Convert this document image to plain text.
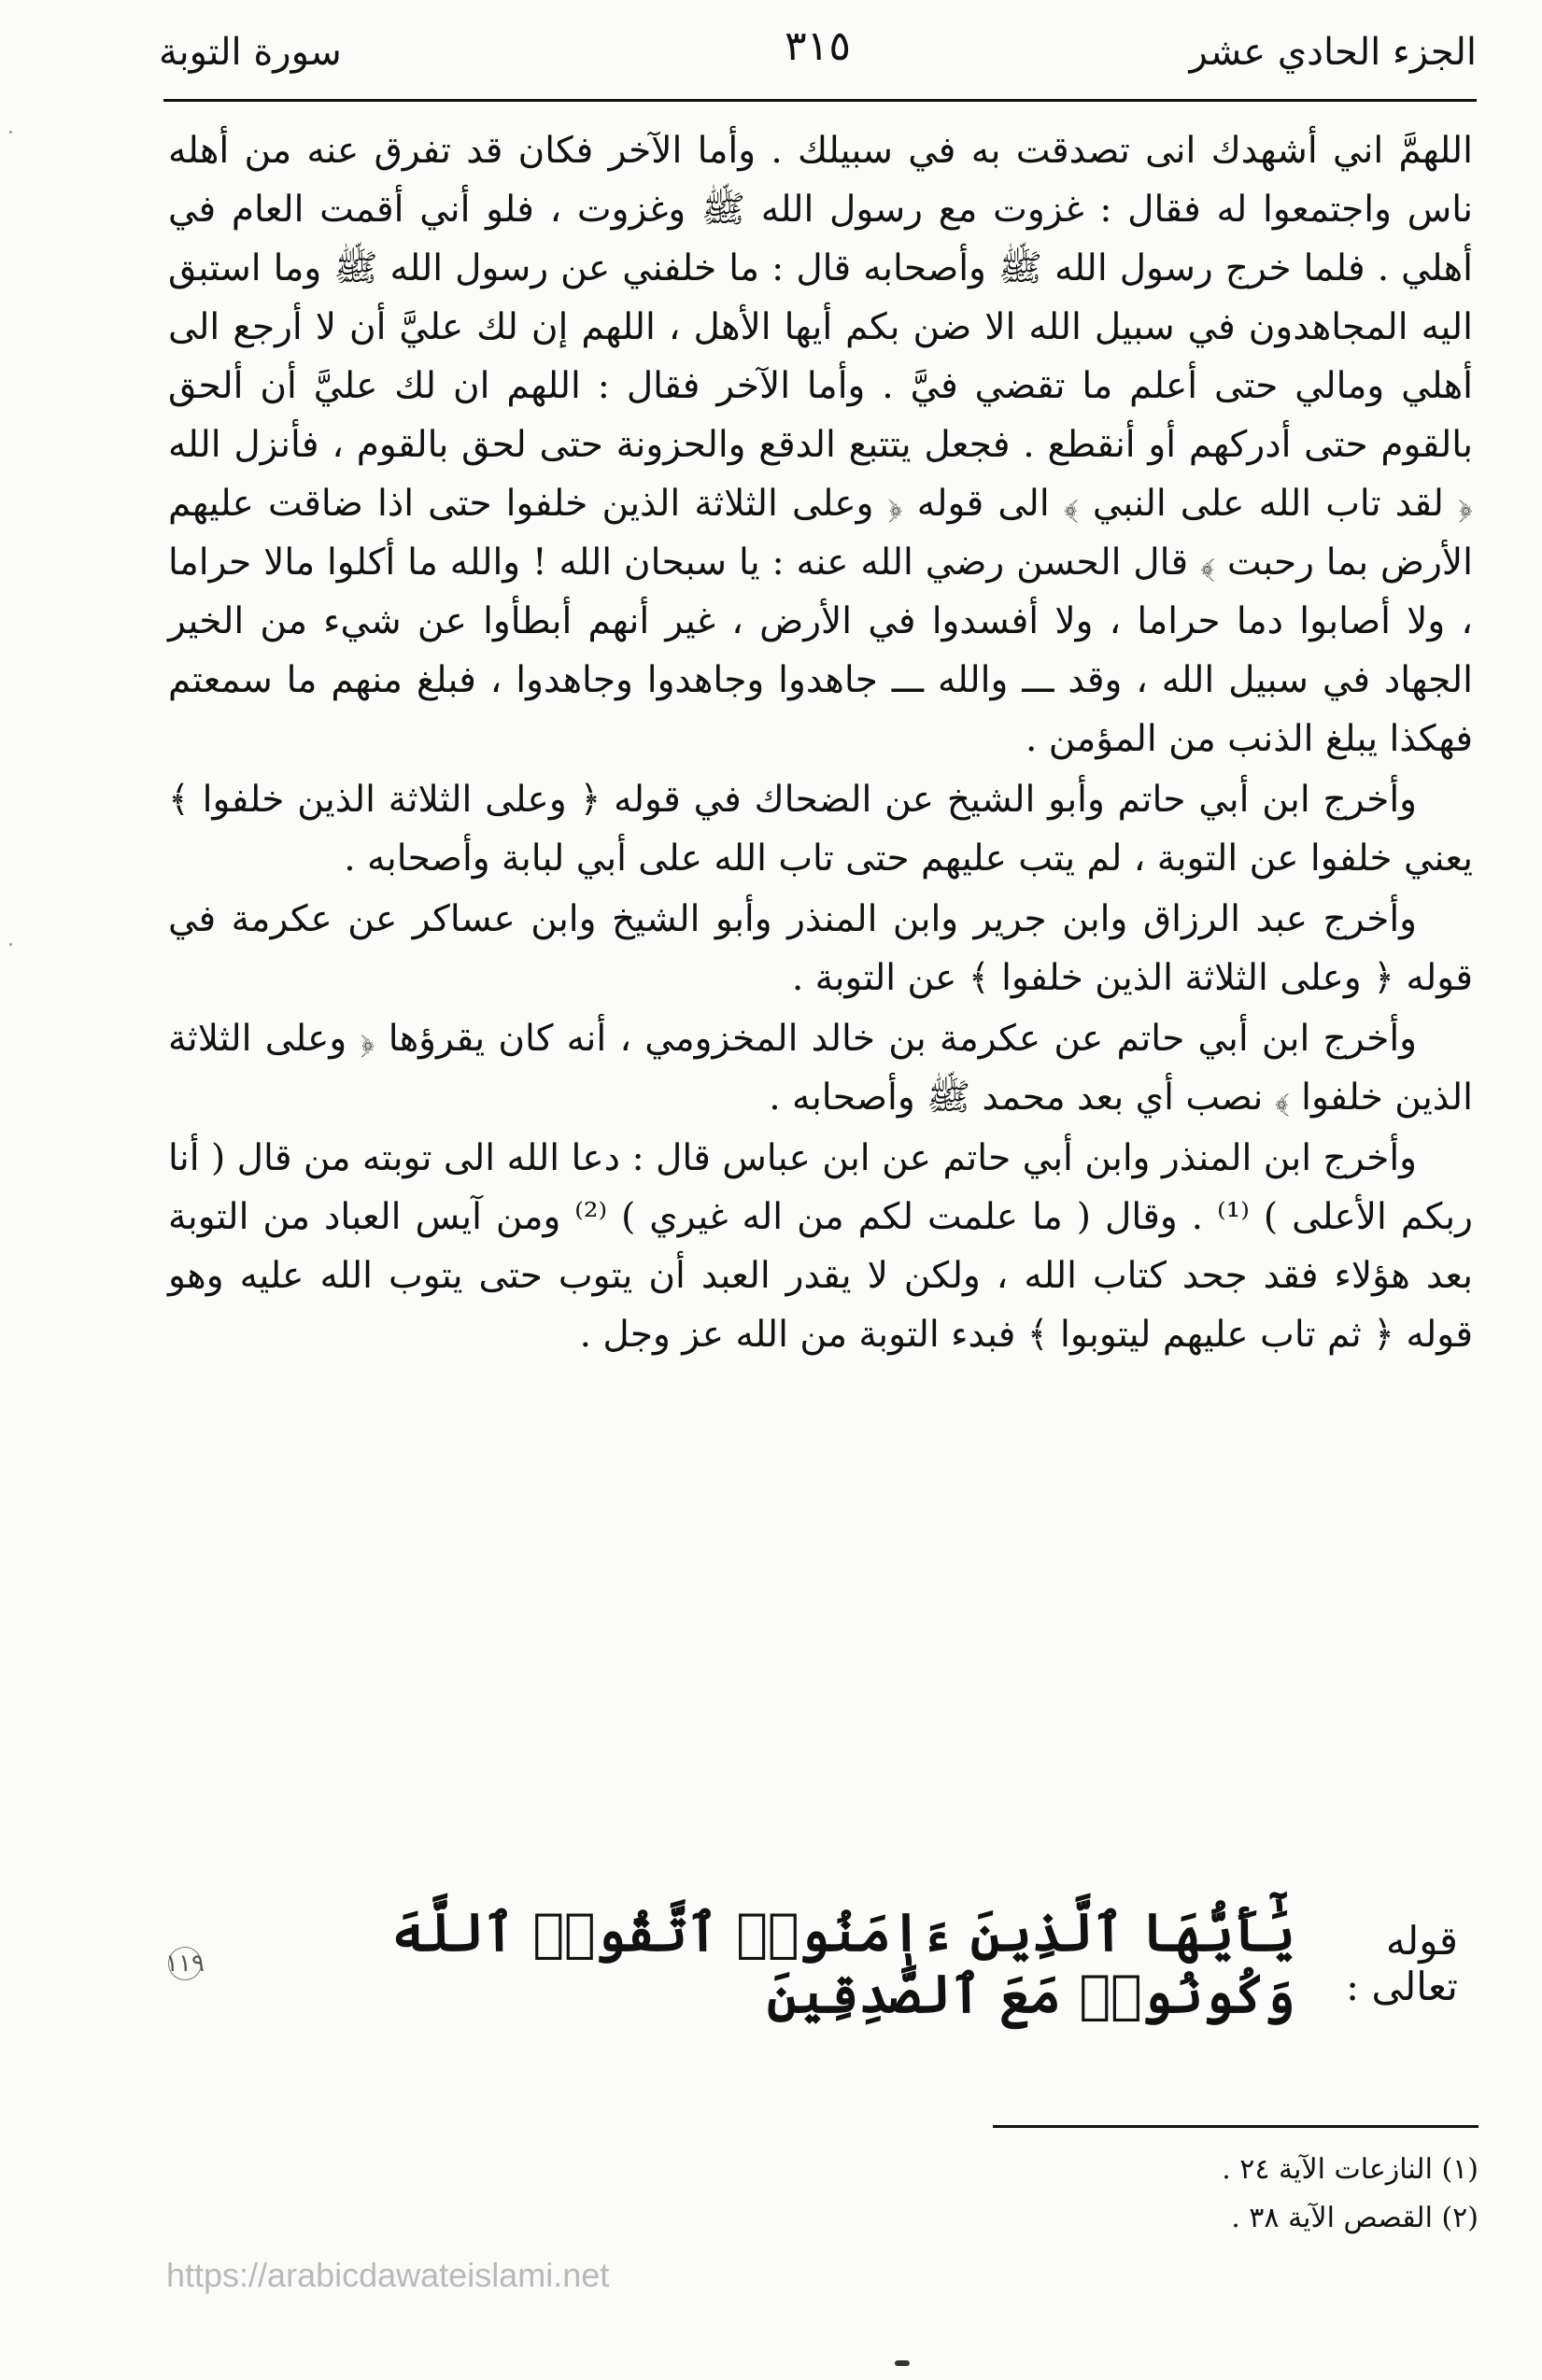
الجزء الحادي عشر
٣١٥
سورة التوبة

اللهمَّ اني أشهدك انى تصدقت به في سبيلك . وأما الآخر فكان قد تفرق عنه من أهله ناس واجتمعوا له فقال : غزوت مع رسول الله ﷺ وغزوت ، فلو أني أقمت العام في أهلي . فلما خرج رسول الله ﷺ وأصحابه قال : ما خلفني عن رسول الله ﷺ وما استبق اليه المجاهدون في سبيل الله الا ضن بكم أيها الأهل ، اللهم إن لك عليَّ أن لا أرجع الى أهلي ومالي حتى أعلم ما تقضي فيَّ . وأما الآخر فقال : اللهم ان لك عليَّ أن ألحق بالقوم حتى أدركهم أو أنقطع . فجعل يتتبع الدقع والحزونة حتى لحق بالقوم ، فأنزل الله ﴿ لقد تاب الله على النبي ﴾ الى قوله ﴿ وعلى الثلاثة الذين خلفوا حتى اذا ضاقت عليهم الأرض بما رحبت ﴾ قال الحسن رضي الله عنه : يا سبحان الله ! والله ما أكلوا مالا حراما ، ولا أصابوا دما حراما ، ولا أفسدوا في الأرض ، غير أنهم أبطأوا عن شيء من الخير الجهاد في سبيل الله ، وقد ـــ والله ـــ جاهدوا وجاهدوا وجاهدوا ، فبلغ منهم ما سمعتم فهكذا يبلغ الذنب من المؤمن .

وأخرج ابن أبي حاتم وأبو الشيخ عن الضحاك في قوله ﴿ وعلى الثلاثة الذين خلفوا ﴾ يعني خلفوا عن التوبة ، لم يتب عليهم حتى تاب الله على أبي لبابة وأصحابه .

وأخرج عبد الرزاق وابن جرير وابن المنذر وأبو الشيخ وابن عساكر عن عكرمة في قوله ﴿ وعلى الثلاثة الذين خلفوا ﴾ عن التوبة .

وأخرج ابن أبي حاتم عن عكرمة بن خالد المخزومي ، أنه كان يقرؤها ﴿ وعلى الثلاثة الذين خلفوا ﴾ نصب أي بعد محمد ﷺ وأصحابه .

وأخرج ابن المنذر وابن أبي حاتم عن ابن عباس قال : دعا الله الى توبته من قال ( أنا ربكم الأعلى ) ⁽¹⁾ . وقال ( ما علمت لكم من اله غيري ) ⁽²⁾ ومن آيس العباد من التوبة بعد هؤلاء فقد جحد كتاب الله ، ولكن لا يقدر العبد أن يتوب حتى يتوب الله عليه وهو قوله ﴿ ثم تاب عليهم ليتوبوا ﴾ فبدء التوبة من الله عز وجل .

قوله تعالى :
يَٰٓأَيُّهَا ٱلَّذِينَ ءَامَنُوا۟ ٱتَّقُوا۟ ٱللَّهَ وَكُونُوا۟ مَعَ ٱلصَّٰدِقِينَ
١١٩
(١) النازعات الآية ٢٤ .
(٢) القصص الآية ٣٨ .
https://arabicdawateislami.net
